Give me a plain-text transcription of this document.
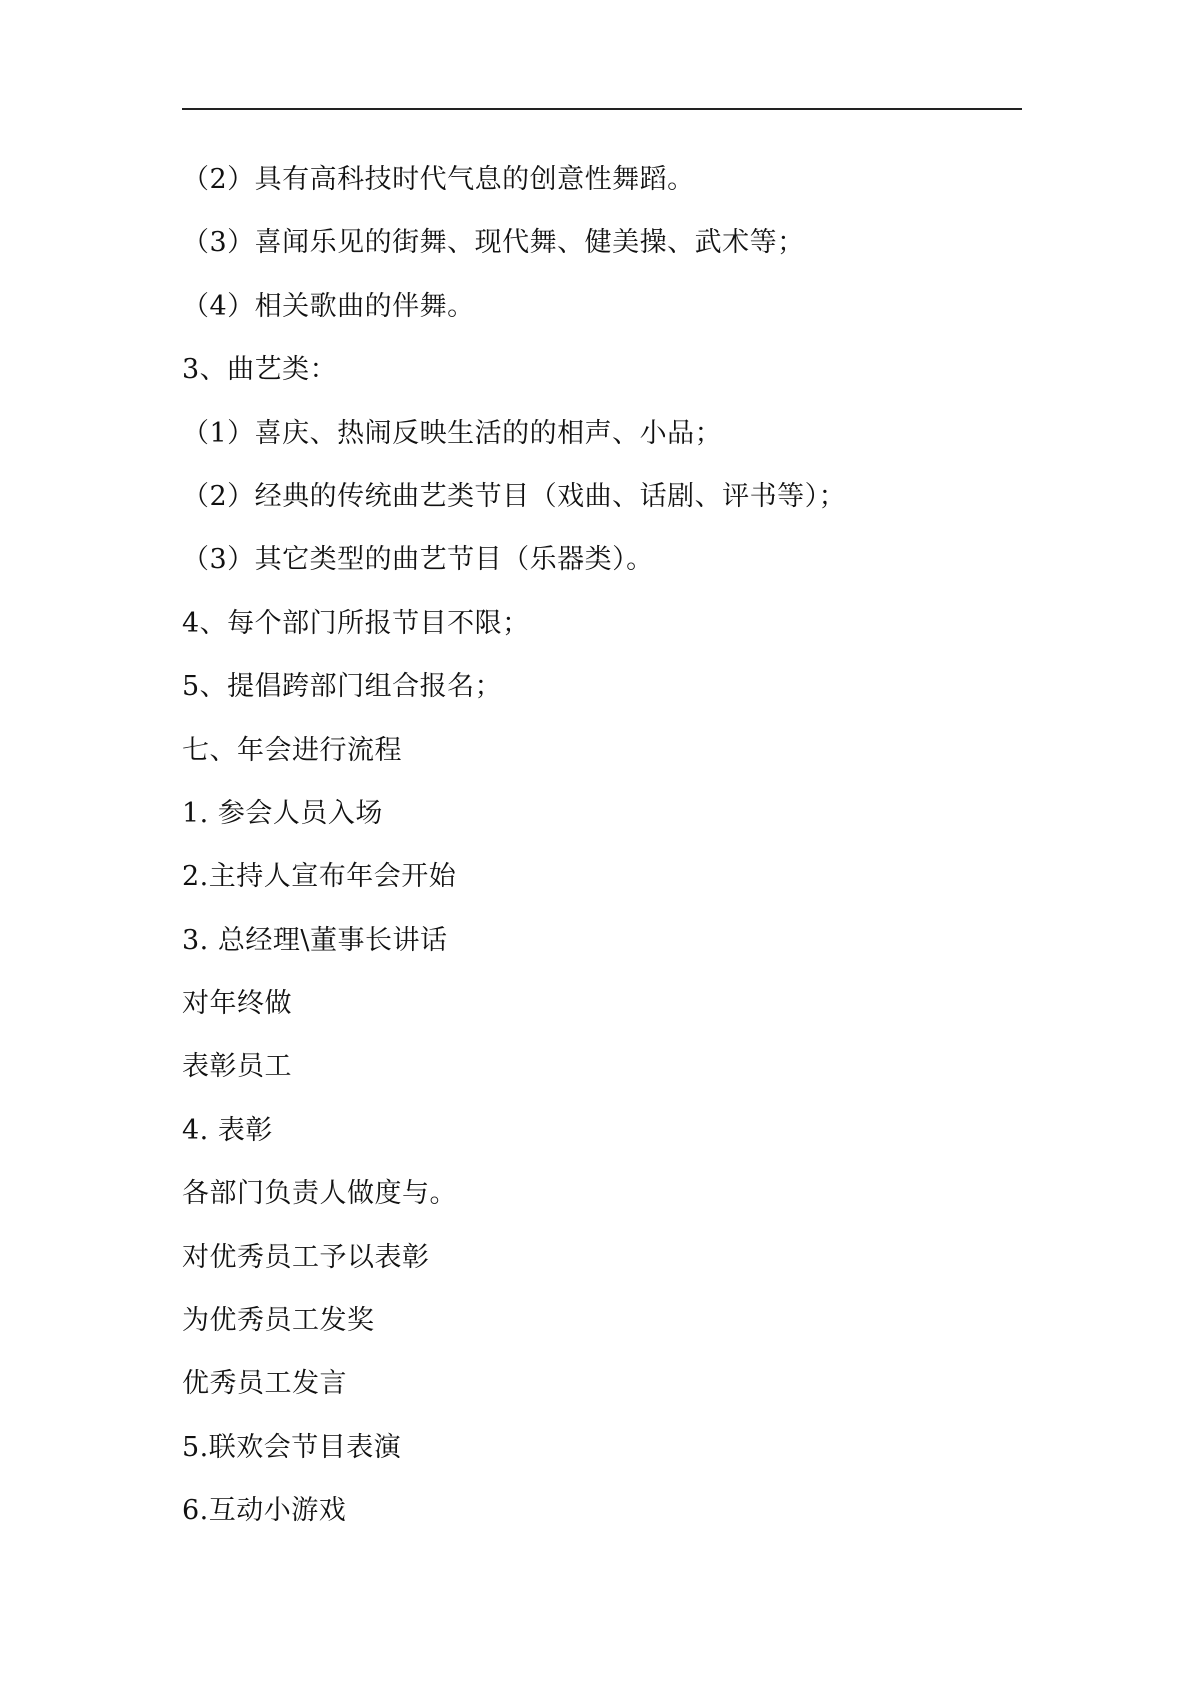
（2）具有高科技时代气息的创意性舞蹈。
（3）喜闻乐见的街舞、现代舞、健美操、武术等；
（4）相关歌曲的伴舞。
3、曲艺类：
（1）喜庆、热闹反映生活的的相声、小品；
（2）经典的传统曲艺类节目（戏曲、话剧、评书等）；
（3）其它类型的曲艺节目（乐器类）。
4、每个部门所报节目不限；
5、提倡跨部门组合报名；
七、年会进行流程
1. 参会人员入场
2.主持人宣布年会开始
3. 总经理\董事长讲话
对年终做
表彰员工
4. 表彰
各部门负责人做度与。
对优秀员工予以表彰
为优秀员工发奖
优秀员工发言
5.联欢会节目表演
6.互动小游戏
